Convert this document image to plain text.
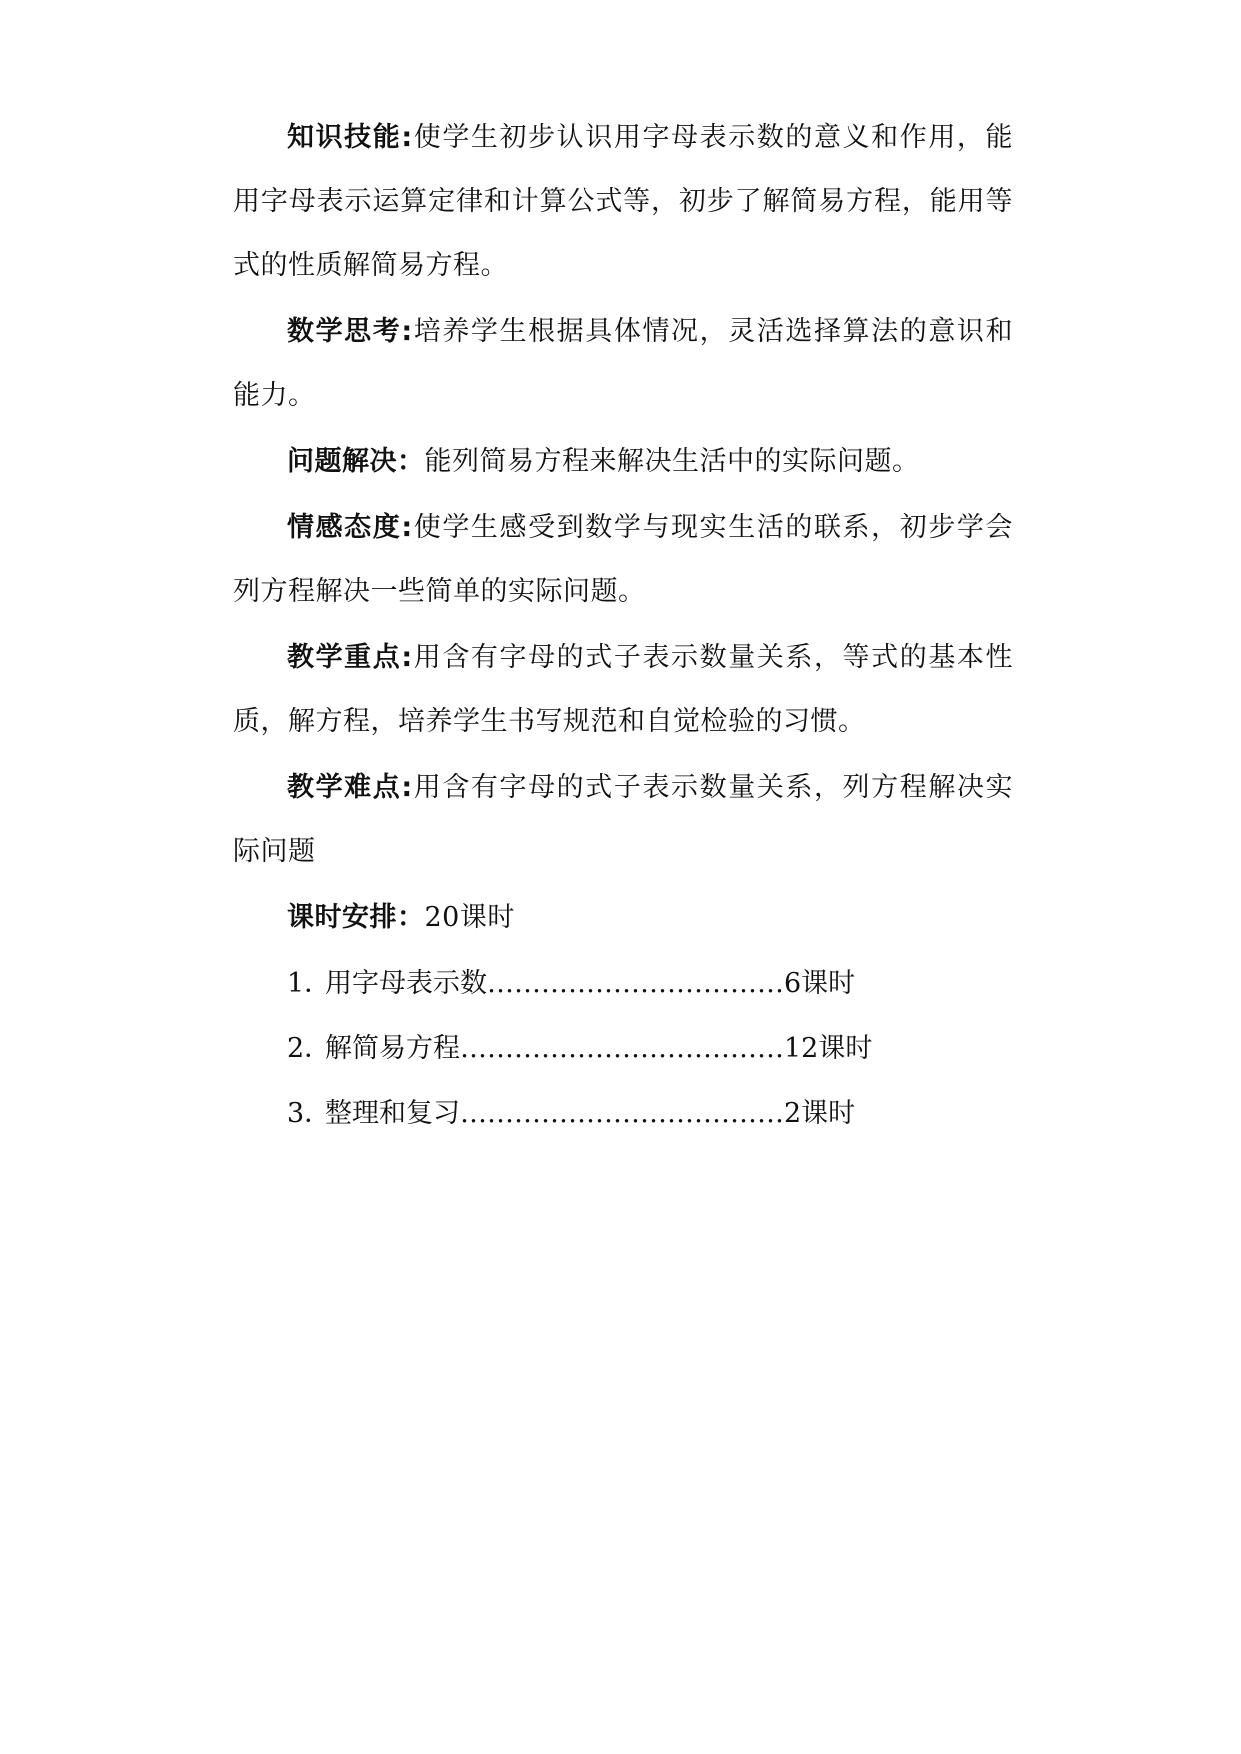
知识技能:使学生初步认识用字母表示数的意义和作用，能用字母表示运算定律和计算公式等，初步了解简易方程，能用等式的性质解简易方程。

数学思考:培养学生根据具体情况，灵活选择算法的意识和能力。

问题解决：能列简易方程来解决生活中的实际问题。

情感态度:使学生感受到数学与现实生活的联系，初步学会列方程解决一些简单的实际问题。

教学重点:用含有字母的式子表示数量关系，等式的基本性质，解方程，培养学生书写规范和自觉检验的习惯。

教学难点:用含有字母的式子表示数量关系，列方程解决实际问题

课时安排：20课时

1．用字母表示数……………………………6课时

2．解简易方程………………………………12课时

3．整理和复习………………………………2课时
